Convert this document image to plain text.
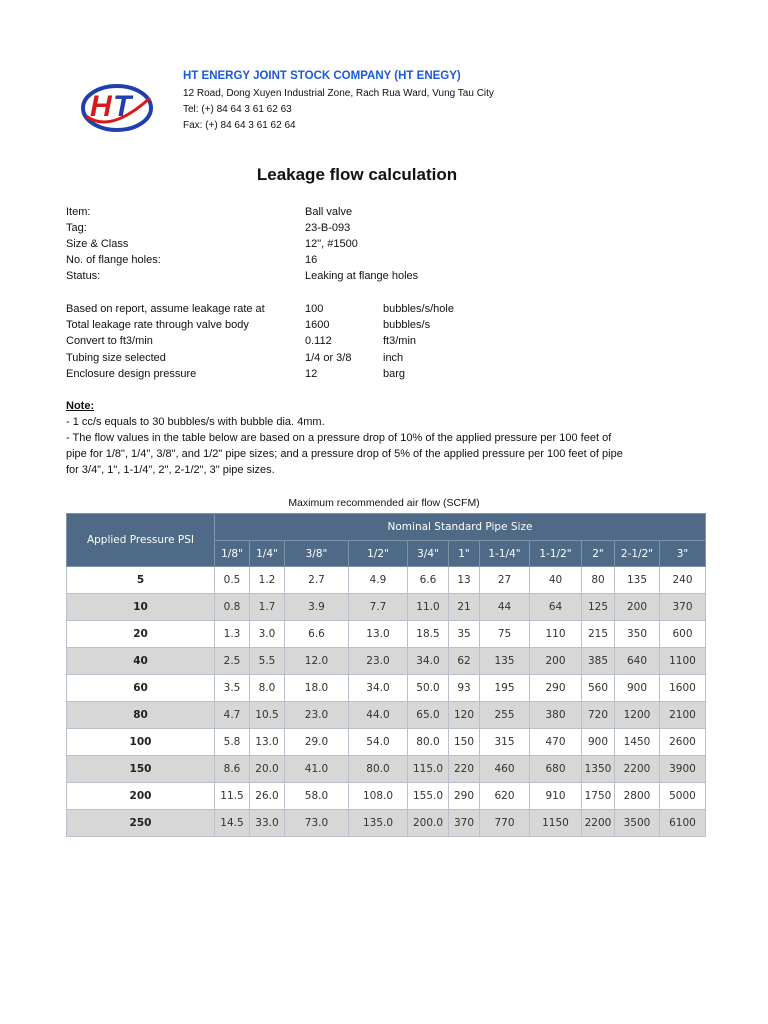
H T
HT ENERGY JOINT STOCK COMPANY (HT ENEGY)
12 Road, Dong Xuyen Industrial Zone, Rach Rua Ward, Vung Tau City
Tel: (+) 84 64 3 61 62 63
Fax: (+) 84 64 3 61 62 64
Leakage flow calculation
Item:	Ball valve
Tag:	23-B-093
Size & Class	12", #1500
No. of flange holes:	16
Status:	Leaking at flange holes
Based on report, assume leakage rate at	100	bubbles/s/hole
Total leakage rate through valve body	1600	bubbles/s
Convert to ft3/min	0.112	ft3/min
Tubing size selected	1/4 or 3/8	inch
Enclosure design pressure	12	barg
Note:
- 1 cc/s equals to 30 bubbles/s with bubble dia. 4mm.
- The flow values in the table below are based on a pressure drop of 10% of the applied pressure per 100 feet of
pipe for 1/8", 1/4", 3/8", and 1/2" pipe sizes; and a pressure drop of 5% of the applied pressure per 100 feet of pipe
for 3/4", 1", 1-1/4", 2", 2-1/2", 3" pipe sizes.
Maximum recommended air flow (SCFM)
Applied Pressure PSI	Nominal Standard Pipe Size										
	1/8"	1/4"	3/8"	1/2"	3/4"	1"	1-1/4"	1-1/2"	2"	2-1/2"	3"
5	0.5	1.2	2.7	4.9	6.6	13	27	40	80	135	240
10	0.8	1.7	3.9	7.7	11.0	21	44	64	125	200	370
20	1.3	3.0	6.6	13.0	18.5	35	75	110	215	350	600
40	2.5	5.5	12.0	23.0	34.0	62	135	200	385	640	1100
60	3.5	8.0	18.0	34.0	50.0	93	195	290	560	900	1600
80	4.7	10.5	23.0	44.0	65.0	120	255	380	720	1200	2100
100	5.8	13.0	29.0	54.0	80.0	150	315	470	900	1450	2600
150	8.6	20.0	41.0	80.0	115.0	220	460	680	1350	2200	3900
200	11.5	26.0	58.0	108.0	155.0	290	620	910	1750	2800	5000
250	14.5	33.0	73.0	135.0	200.0	370	770	1150	2200	3500	6100
